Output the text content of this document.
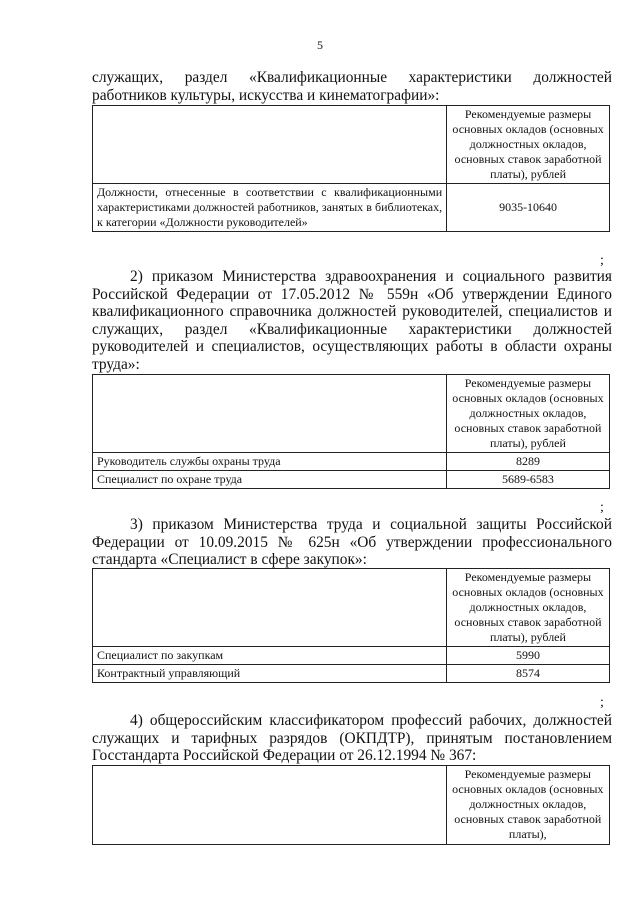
5

служащих, раздел «Квалификационные характеристики должностей работников культуры, искусства и кинематографии»:

	Рекомендуемые размеры основных окладов (основных должностных окладов, основных ставок заработной платы), рублей
Должности, отнесенные в соответствии с квалификационными характеристиками должностей работников, занятых в библиотеках, к категории «Должности руководителей»	9035-10640
;

2) приказом Министерства здравоохранения и социального развития Российской Федерации от 17.05.2012 № 559н «Об утверждении Единого квалификационного справочника должностей руководителей, специалистов и служащих, раздел «Квалификационные характеристики должностей руководителей и специалистов, осуществляющих работы в области охраны труда»:

	Рекомендуемые размеры основных окладов (основных должностных окладов, основных ставок заработной платы), рублей
Руководитель службы охраны труда	8289
Специалист по охране труда	5689-6583
;

3) приказом Министерства труда и социальной защиты Российской Федерации от 10.09.2015 № 625н «Об утверждении профессионального стандарта «Специалист в сфере закупок»:

	Рекомендуемые размеры основных окладов (основных должностных окладов, основных ставок заработной платы), рублей
Специалист по закупкам	5990
Контрактный управляющий	8574
;

4) общероссийским классификатором профессий рабочих, должностей служащих и тарифных разрядов (ОКПДТР), принятым постановлением Госстандарта Российской Федерации от 26.12.1994 № 367:

	Рекомендуемые размеры основных окладов (основных должностных окладов, основных ставок заработной платы),
